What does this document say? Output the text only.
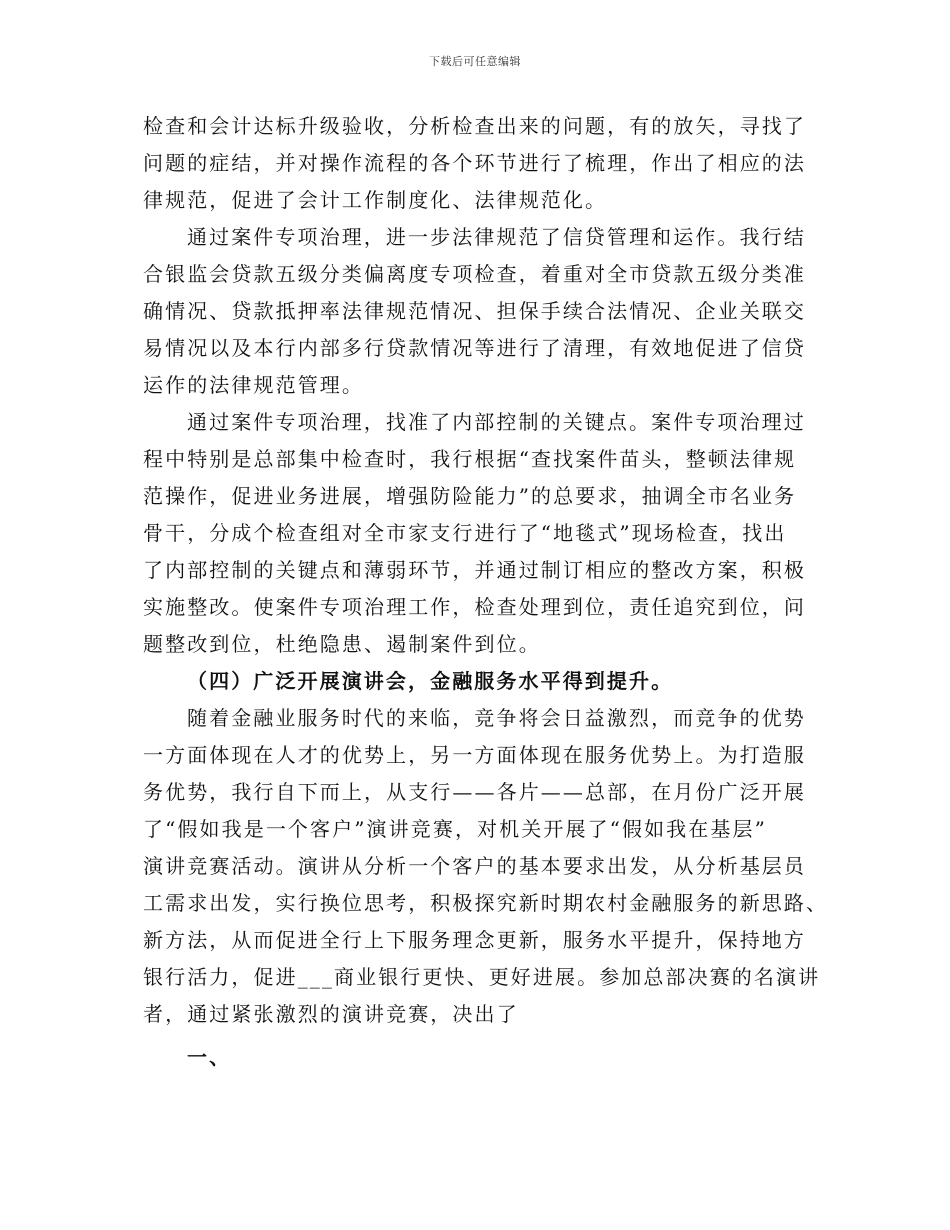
下载后可任意编辑
检查和会计达标升级验收，分析检查出来的问题，有的放矢，寻找了
问题的症结，并对操作流程的各个环节进行了梳理，作出了相应的法
律规范，促进了会计工作制度化、法律规范化。
通过案件专项治理，进一步法律规范了信贷管理和运作。我行结
合银监会贷款五级分类偏离度专项检查，着重对全市贷款五级分类准
确情况、贷款抵押率法律规范情况、担保手续合法情况、企业关联交
易情况以及本行内部多行贷款情况等进行了清理，有效地促进了信贷
运作的法律规范管理。
通过案件专项治理，找准了内部控制的关键点。案件专项治理过
程中特别是总部集中检查时，我行根据“查找案件苗头，整顿法律规
范操作，促进业务进展，增强防险能力”的总要求，抽调全市名业务
骨干，分成个检查组对全市家支行进行了“地毯式”现场检查，找出
了内部控制的关键点和薄弱环节，并通过制订相应的整改方案，积极
实施整改。使案件专项治理工作，检查处理到位，责任追究到位，问
题整改到位，杜绝隐患、遏制案件到位。
（四）广泛开展演讲会，金融服务水平得到提升。
随着金融业服务时代的来临，竞争将会日益激烈，而竞争的优势
一方面体现在人才的优势上，另一方面体现在服务优势上。为打造服
务优势，我行自下而上，从支行——各片——总部，在月份广泛开展
了“假如我是一个客户”演讲竞赛，对机关开展了“假如我在基层”
演讲竞赛活动。演讲从分析一个客户的基本要求出发，从分析基层员
工需求出发，实行换位思考，积极探究新时期农村金融服务的新思路、
新方法，从而促进全行上下服务理念更新，服务水平提升，保持地方
银行活力，促进___商业银行更快、更好进展。参加总部决赛的名演讲
者，通过紧张激烈的演讲竞赛，决出了
一、
